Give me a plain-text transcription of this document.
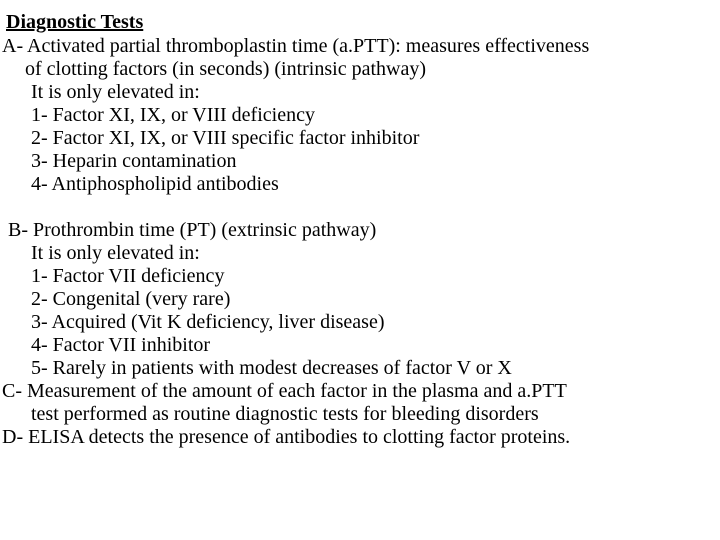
Diagnostic Tests
A- Activated partial thromboplastin time (a.PTT): measures effectiveness
of clotting factors (in seconds) (intrinsic pathway)
It is only elevated in:
1- Factor XI, IX, or VIII deficiency
2- Factor XI, IX, or VIII specific factor inhibitor
3- Heparin contamination
4- Antiphospholipid antibodies
B- Prothrombin time (PT) (extrinsic pathway)
It is only elevated in:
1- Factor VII deficiency
2- Congenital (very rare)
3- Acquired (Vit K deficiency, liver disease)
4- Factor VII inhibitor
5- Rarely in patients with modest decreases of factor V or X
C- Measurement of the amount of each factor in the plasma and a.PTT
test performed as routine diagnostic tests for bleeding disorders
D- ELISA detects the presence of antibodies to clotting factor proteins.
